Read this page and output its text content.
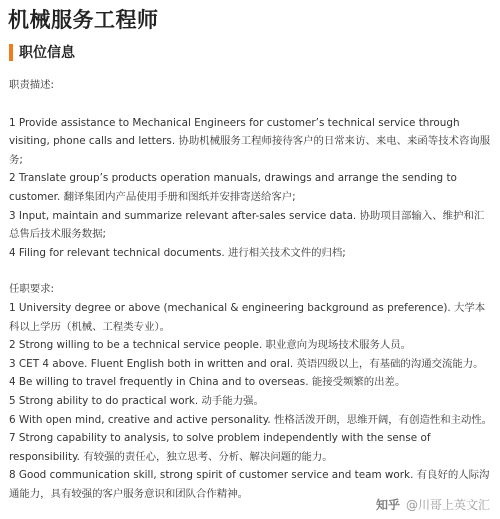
机械服务工程师
职位信息

职责描述:

1 Provide assistance to Mechanical Engineers for customer’s technical service through visiting, phone calls and letters. 协助机械服务工程师接待客户的日常来访、来电、来函等技术咨询服务;

2 Translate group’s products operation manuals, drawings and arrange the sending to customer. 翻译集团内产品使用手册和图纸并安排寄送给客户;

3 Input, maintain and summarize relevant after-sales service data. 协助项目部输入、维护和汇总售后技术服务数据;

4 Filing for relevant technical documents. 进行相关技术文件的归档;

任职要求:

1 University degree or above (mechanical & engineering background as preference). 大学本科以上学历（机械、工程类专业）。

2 Strong willing to be a technical service people. 职业意向为现场技术服务人员。

3 CET 4 above. Fluent English both in written and oral. 英语四级以上，有基础的沟通交流能力。

4 Be willing to travel frequently in China and to overseas. 能接受频繁的出差。

5 Strong ability to do practical work. 动手能力强。

6 With open mind, creative and active personality. 性格活泼开朗，思维开阔，有创造性和主动性。

7 Strong capability to analysis, to solve problem independently with the sense of responsibility. 有较强的责任心，独立思考、分析、解决问题的能力。

8 Good communication skill, strong spirit of customer service and team work. 有良好的人际沟通能力，具有较强的客户服务意识和团队合作精神。

知乎 @川哥上英文汇
